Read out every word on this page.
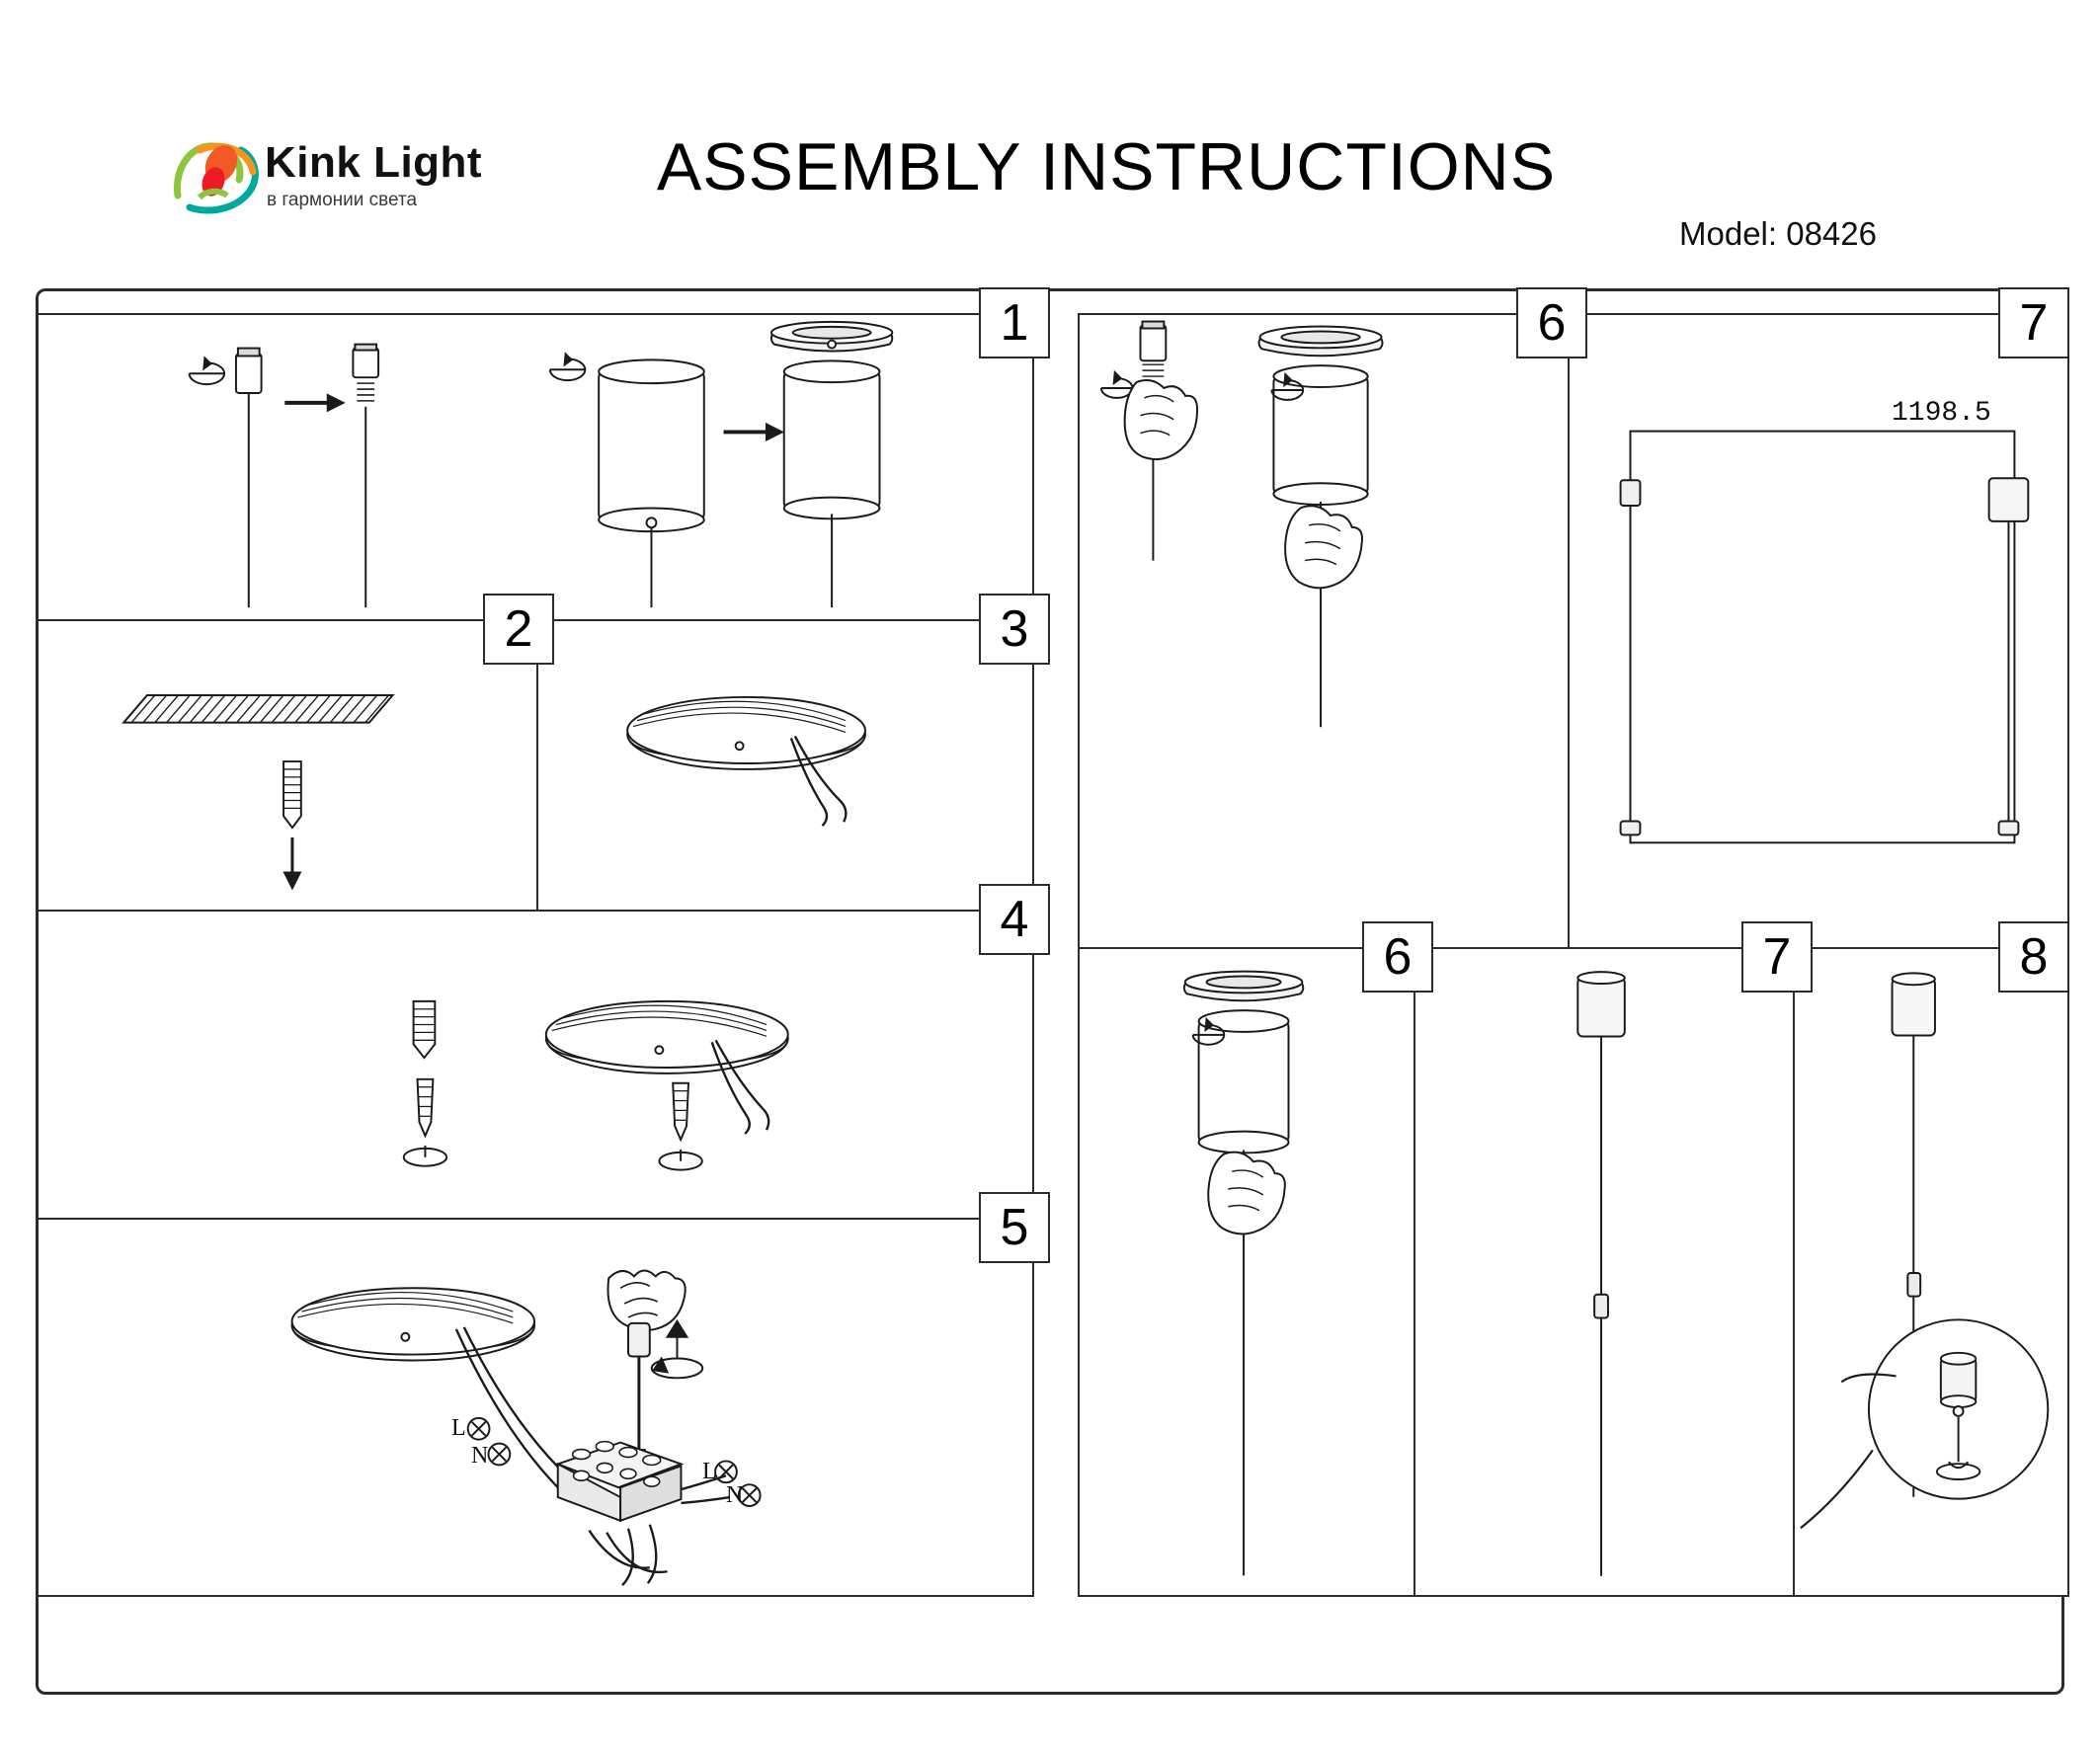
Kink Light
в гармонии света	ASSEMBLY INSTRUCTIONS
Model: 08426
1
2	3
4
L
N
L
N
5
6
1198.5
7
6	7	8
